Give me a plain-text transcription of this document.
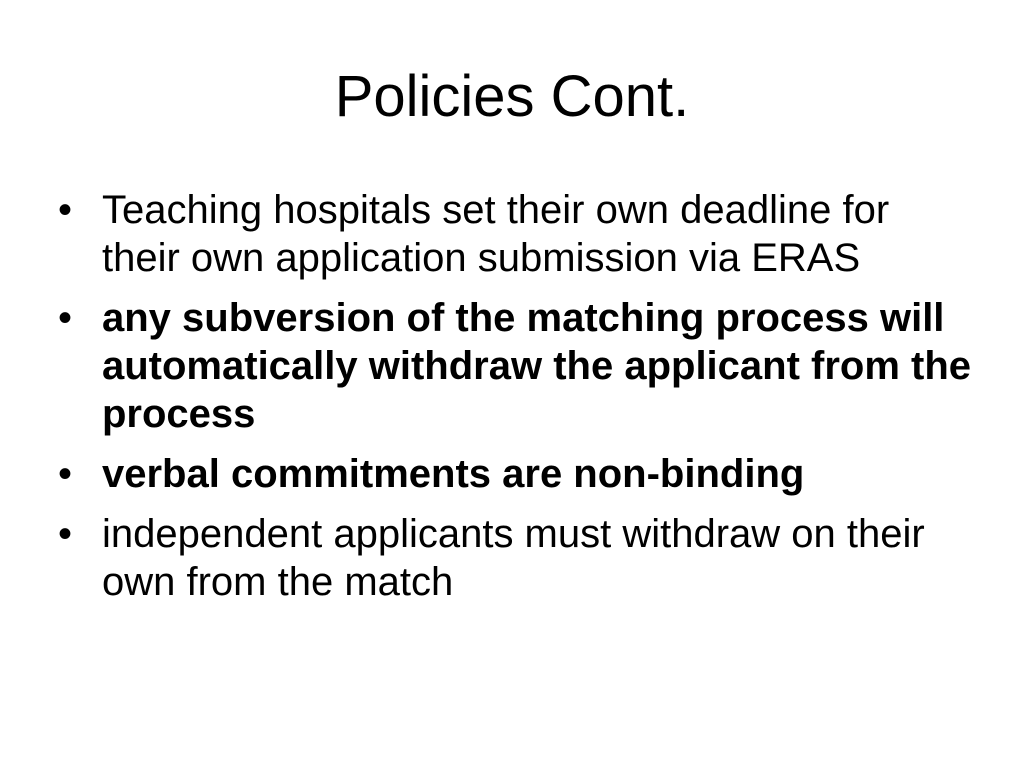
Policies Cont.
• Teaching hospitals set their own deadline for their own application submission via ERAS
• any subversion of the matching process will automatically withdraw the applicant from the process
• verbal commitments are non-binding
• independent applicants must withdraw on their own from the match
